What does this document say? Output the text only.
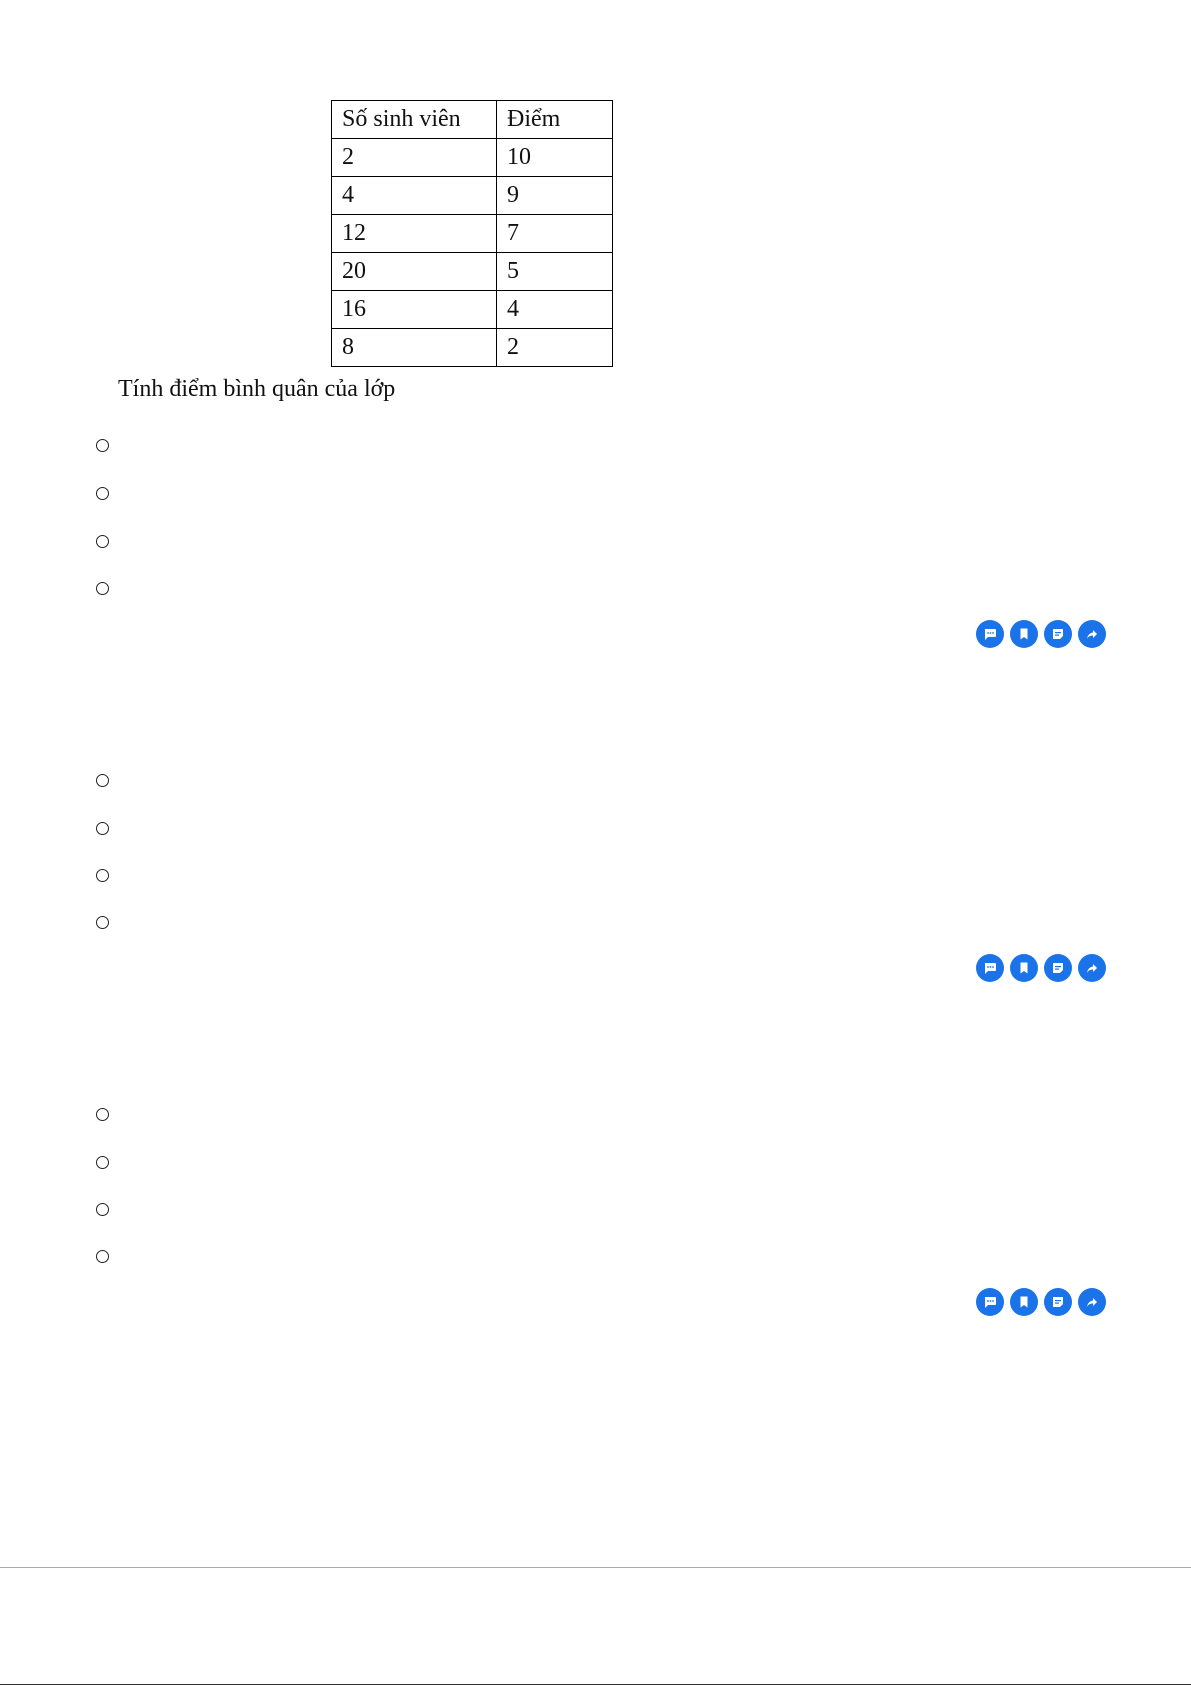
Số sinh viên	Điểm
2	10
4	9
12	7
20	5
16	4
8	2
Tính điểm bình quân của lớp
